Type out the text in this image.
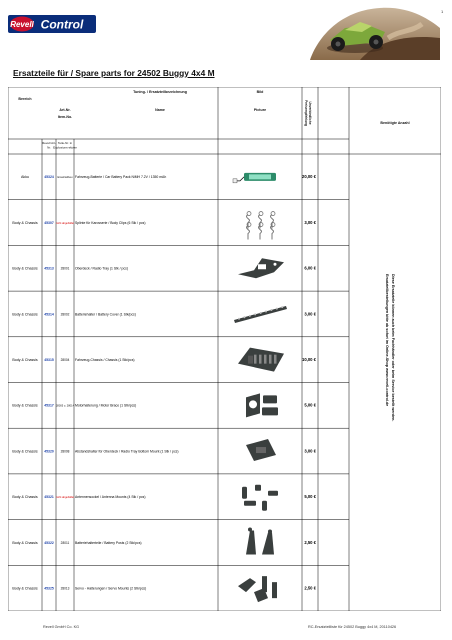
1
Revell Control
Ersatzteile für / Spare parts for 24502 Buggy 4x4 M
Bereich
Art-Nr.
Item-No.
Tuning- / Ersatzteilbezeichnung
Name
Bild
Picture
Benötigte Anzahl
Unverbindliche
Preisempfehlung
Revell Art-
Nr.
Teile-Nr. in
Explosions-skizze
Akku	45324 Ersatzteilbeu Fahrzeug-Batterie / Car Battery Pack NiMH 7.2V / 1350 mAh	20,00 €
Body & Chassis 45307 nicht abgebildet Splinte für Karosserie / Body Clips (6 Stk / pcs)	3,00 €
Body & Chassis 45313 28001 Oberdeck / Radio Tray (1 Stk / pcs)	6,00 €
Body & Chassis 45314 28002 Batteriehalter / Battery Cover (1 Stk/pcs)	3,00 €
Body & Chassis 45315 28004 Fahrzeug-Chassis / Chassis (1 Stk/pcs)	10,00 €
Body & Chassis 45317 28005 u. 28014 Motorhalterung / Motor Brace (1 Stk/pcs)	5,00 €
Body & Chassis 45320 28008 Abstandshalter für Oberdeck / Radio Tray Bottom Mount (1 Stk / pcs)	3,00 €
Body & Chassis 45321 nicht abgebildet Antennensockel / Antenna Mounts (4 Stk / pcs)	5,00 €
Body & Chassis 45322 28011 Batteriehalterteile / Battery Posts (2 Stk/pcs)	2,50 €
Body & Chassis 45325 28013 Servo - Halterungen / Servo Mounts (2 Stk/pcs)	2,50 €
Ersatzteilbestellungen bitte ab sofort im Online-Shop www.revell-control.de Diese Ersatzteile können auch beim Fachhändler oder beim Service bestellt werden.
Revell GmbH Co. KG	RC-Ersatzteilliste für 24502 Buggy 4x4 M, 20110426
